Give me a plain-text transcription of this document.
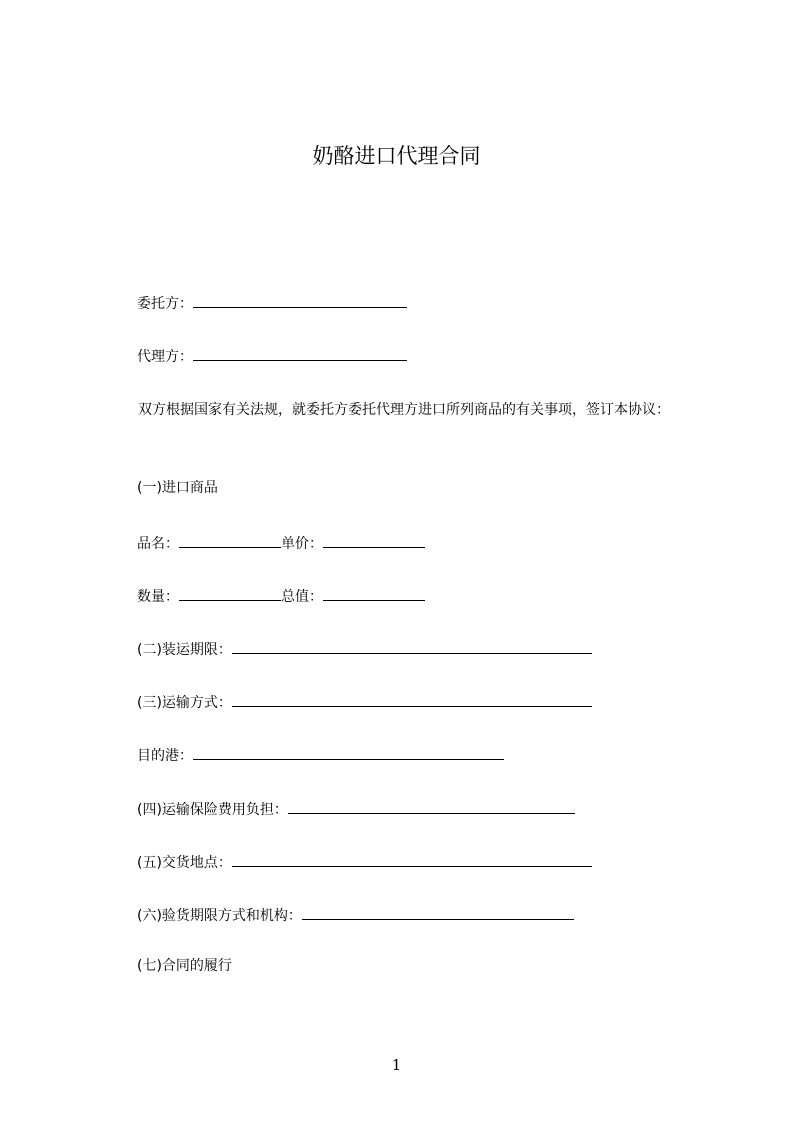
奶酪进口代理合同
委托方：
代理方：
双方根据国家有关法规，就委托方委托代理方进口所列商品的有关事项，签订本协议：
(一)进口商品
品名：	单价：
数量：	总值：
(二)装运期限：
(三)运输方式：
目的港：
(四)运输保险费用负担：
(五)交货地点：
(六)验货期限方式和机构：
(七)合同的履行
1
